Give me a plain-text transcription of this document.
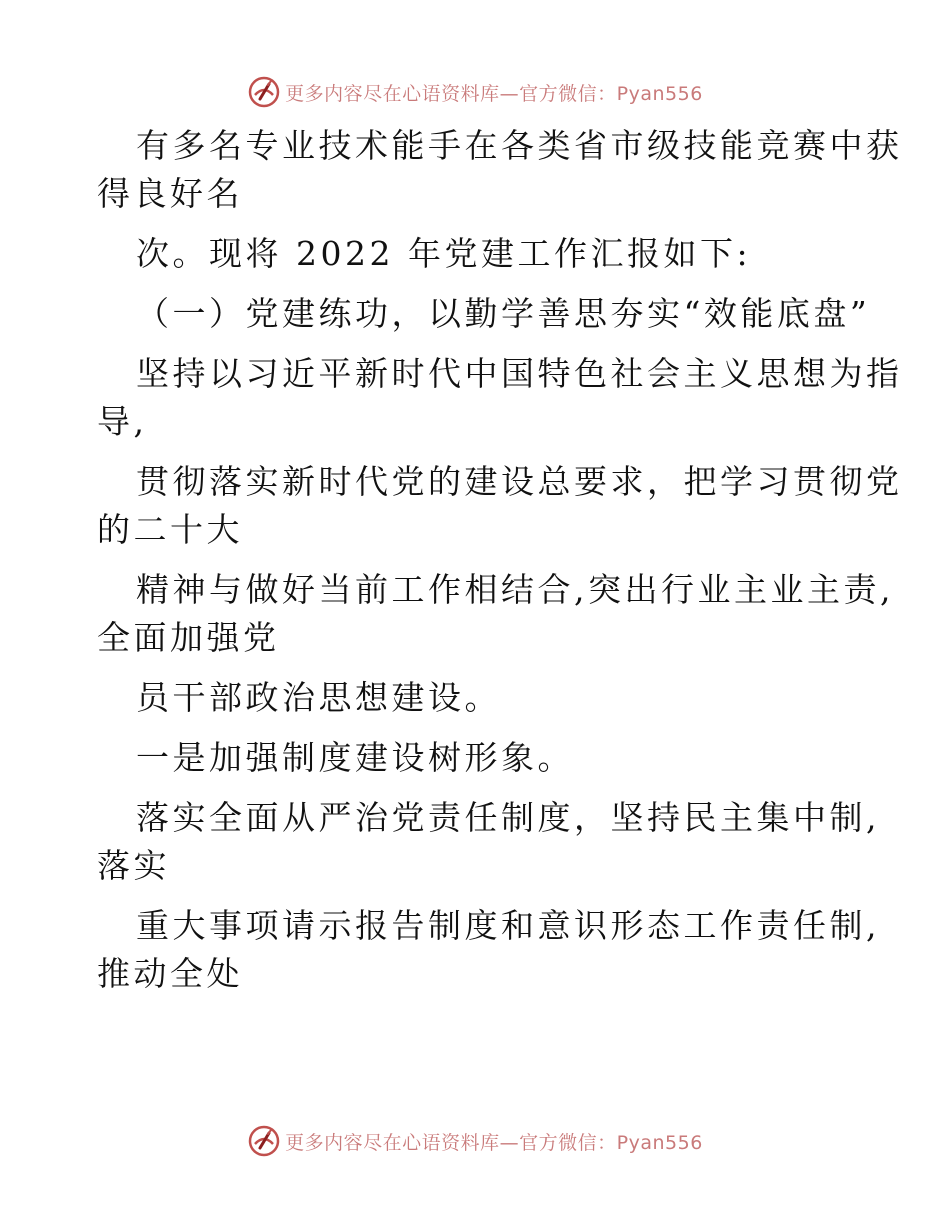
更多内容尽在心语资料库—官方微信：Pyan556

有多名专业技术能手在各类省市级技能竞赛中获

得良好名

次。现将 2022 年党建工作汇报如下:

（一）党建练功，以勤学善思夯实“效能底盘”

坚持以习近平新时代中国特色社会主义思想为指

导,

贯彻落实新时代党的建设总要求，把学习贯彻党

的二十大

精神与做好当前工作相结合,突出行业主业主责,

全面加强党

员干部政治思想建设。

一是加强制度建设树形象。

落实全面从严治党责任制度，坚持民主集中制,

落实

重大事项请示报告制度和意识形态工作责任制,

推动全处

更多内容尽在心语资料库—官方微信：Pyan556
